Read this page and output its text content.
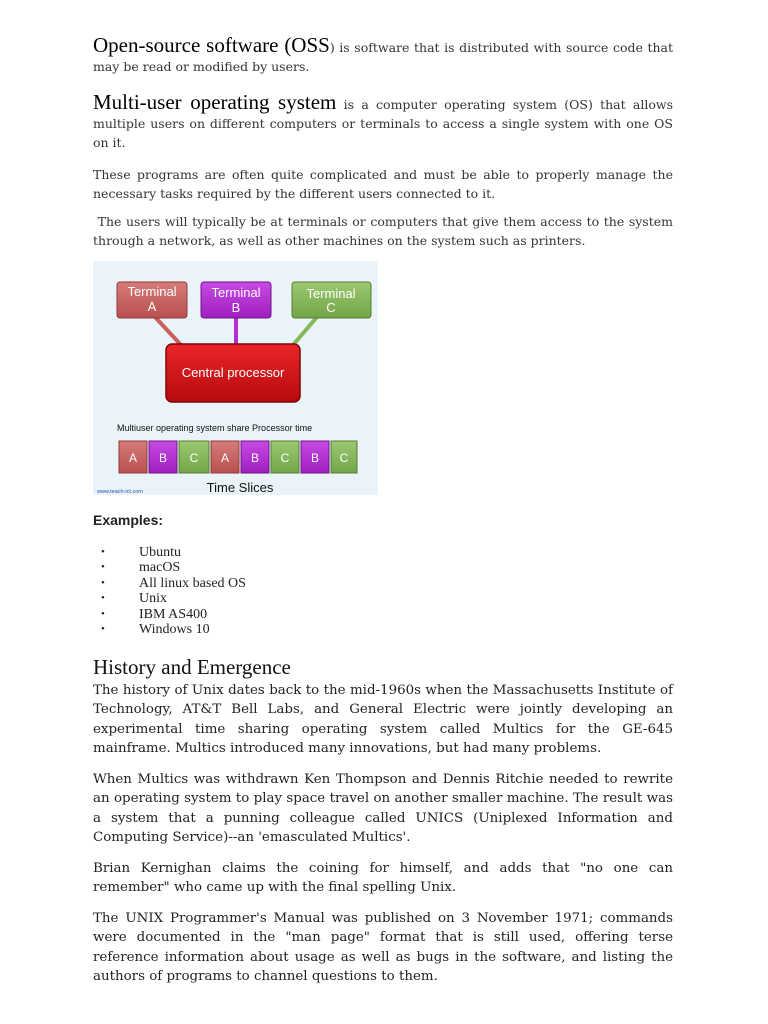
Open-source software (OSS) is software that is distributed with source code that may be read or modified by users.
Multi-user operating system is a computer operating system (OS) that allows multiple users on different computers or terminals to access a single system with one OS on it.
These programs are often quite complicated and must be able to properly manage the necessary tasks required by the different users connected to it.
The users will typically be at terminals or computers that give them access to the system through a network, as well as other machines on the system such as printers.
Terminal
A
Terminal
B
Terminal
C
Central processor
Multiuser operating system share Processor time
A B C A B C B C
www.teach-ict.com	Time Slices
Examples:
• Ubuntu
• macOS
• All linux based OS
• Unix
• IBM AS400
• Windows 10
History and Emergence
The history of Unix dates back to the mid-1960s when the Massachusetts Institute of Technology, AT&T Bell Labs, and General Electric were jointly developing an experimental time sharing operating system called Multics for the GE-645 mainframe. Multics introduced many innovations, but had many problems.
When Multics was withdrawn Ken Thompson and Dennis Ritchie needed to rewrite an operating system to play space travel on another smaller machine. The result was a system that a punning colleague called UNICS (Uniplexed Information and Computing Service)--an 'emasculated Multics'.
Brian Kernighan claims the coining for himself, and adds that "no one can remember" who came up with the final spelling Unix.
The UNIX Programmer's Manual was published on 3 November 1971; commands were documented in the "man page" format that is still used, offering terse reference information about usage as well as bugs in the software, and listing the authors of programs to channel questions to them.
